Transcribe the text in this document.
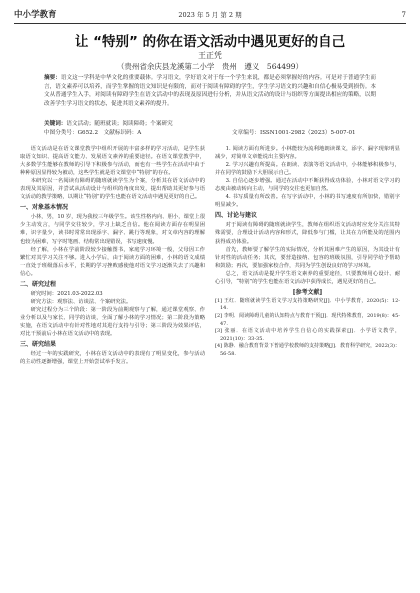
中小学教育	2023 年 5 月 第 2 期	7
让 “特别” 的你在语文活动中遇见更好的自己
王正凭
（贵州省余庆县龙溪第二小学　贵州　遵义　564499）
摘要：语文这一学科是中华文化的重要载体。学习语文，学好语文对于每一个学生来说，都是必须掌握好的内容。可是对于普通学生而言，语文素养可以培养，而学生掌握的语文知识是有限的，而对于阅读有障碍的学生，学生学习语文的兴趣和自信心极易受到损伤。本文从普通学生入手，对阅读有障碍学生在语文活动中的表现及原因进行分析，并从语文活动的设计与组织等方面提出相应的策略，以期改善学生学习语文的状态，促进其语文素养的提升。
关键词：语文活动；随班就读；阅读障碍；个案研究
中图分类号：G652.2　 文献标识码：A	文章编号：ISSN1001-2982（2023）5-007-01

语文活动是在语文课堂教学中组织开展的丰富多样的学习活动，是学生获取语文知识、提高语文能力、发展语文素养的重要途径。在语文课堂教学中，大多数学生能够在教师的引导下积极参与活动，而也有一些学生在活动中由于种种原因显得较为被动，这些学生就是语文课堂中“特别”的存在。

本研究以一名阅读有障碍的随班就读学生为个案，分析其在语文活动中的表现及其原因，并尝试从活动设计与组织的角度出发，提出帮助其更好参与语文活动的教学策略，以期让“特别”的学生也能在语文活动中遇见更好的自己。

一、对象基本情况

小林，男，10 岁，现为我校三年级学生。该生性格内向、胆小，课堂上很少主动发言，与同学交往较少，学习上缺乏自信。他在阅读方面存在明显困难，识字量少，读书时常常出现添字、漏字、跳行等现象，对文章内容的理解也较为困难，写字时笔画、结构常出现错误，书写速度慢。

经了解，小林在学前阶段较少接触图书，家庭学习环境一般，父母因工作繁忙对其学习关注不够。进入小学后，由于阅读方面的困难，小林的语文成绩一直处于班级落后水平，长期的学习挫败感使他对语文学习逐渐失去了兴趣和信心。

二、研究过程

研究时间：2021.03-2022.03

研究方法：观察法、访谈法、个案研究法。

研究过程分为三个阶段：第一阶段为前期观察与了解，通过课堂观察、作业分析以及与家长、同学的访谈，全面了解小林的学习情况；第二阶段为策略实施，在语文活动中有针对性地对其进行支持与引导；第三阶段为效果评估，对比干预前后小林在语文活动中的表现。

三、研究结果

经过一年的实践研究，小林在语文活动中的表现有了明显变化，参与活动的主动性逐渐增强，课堂上开始尝试举手发言。

1. 阅读方面有所进步。小林能较为流利地朗读课文，添字、漏字现象明显减少，对简单文章能说出主要内容。

2. 学习兴趣有所提高。在朗读、表演等语文活动中，小林能够积极参与，并在同学的鼓励下大胆展示自己。

3. 自信心逐步增强。通过在活动中不断获得成功体验，小林对语文学习的态度由被动转向主动，与同学的交往也更加自然。

4. 书写质量有所改善。在写字活动中，小林的书写速度有所加快，错别字明显减少。

四、讨论与建议

对于阅读有障碍的随班就读学生，教师在组织语文活动时应充分关注其特殊需要，合理设计活动内容和形式，降低参与门槛，让其在力所能及的范围内获得成功体验。

首先，教师要了解学生的实际情况，分析其困难产生的原因，为其设计有针对性的活动任务；其次，要营造接纳、包容的班级氛围，引导同学给予帮助和鼓励；再次，要加强家校合作，共同为学生创设良好的学习环境。

总之，语文活动是提升学生语文素养的重要途径，只要教师用心设计、耐心引导，“特别”的学生也能在语文活动中获得成长，遇见更好的自己。

[参考文献]

[1] 王红．随班就读学生语文学习支持策略研究[J]．中小学教育，2020(5)：12-14.

[2] 李明．阅读障碍儿童的认知特点与教育干预[J]．现代特殊教育，2019(8)：45-47.

[3] 张丽．在语文活动中培养学生自信心的实践探索[J]．小学语文教学，2021(10)：33-35.

[4] 陈静．融合教育背景下普通学校教师的支持策略[J]．教育科学研究，2022(3)：56-58.
